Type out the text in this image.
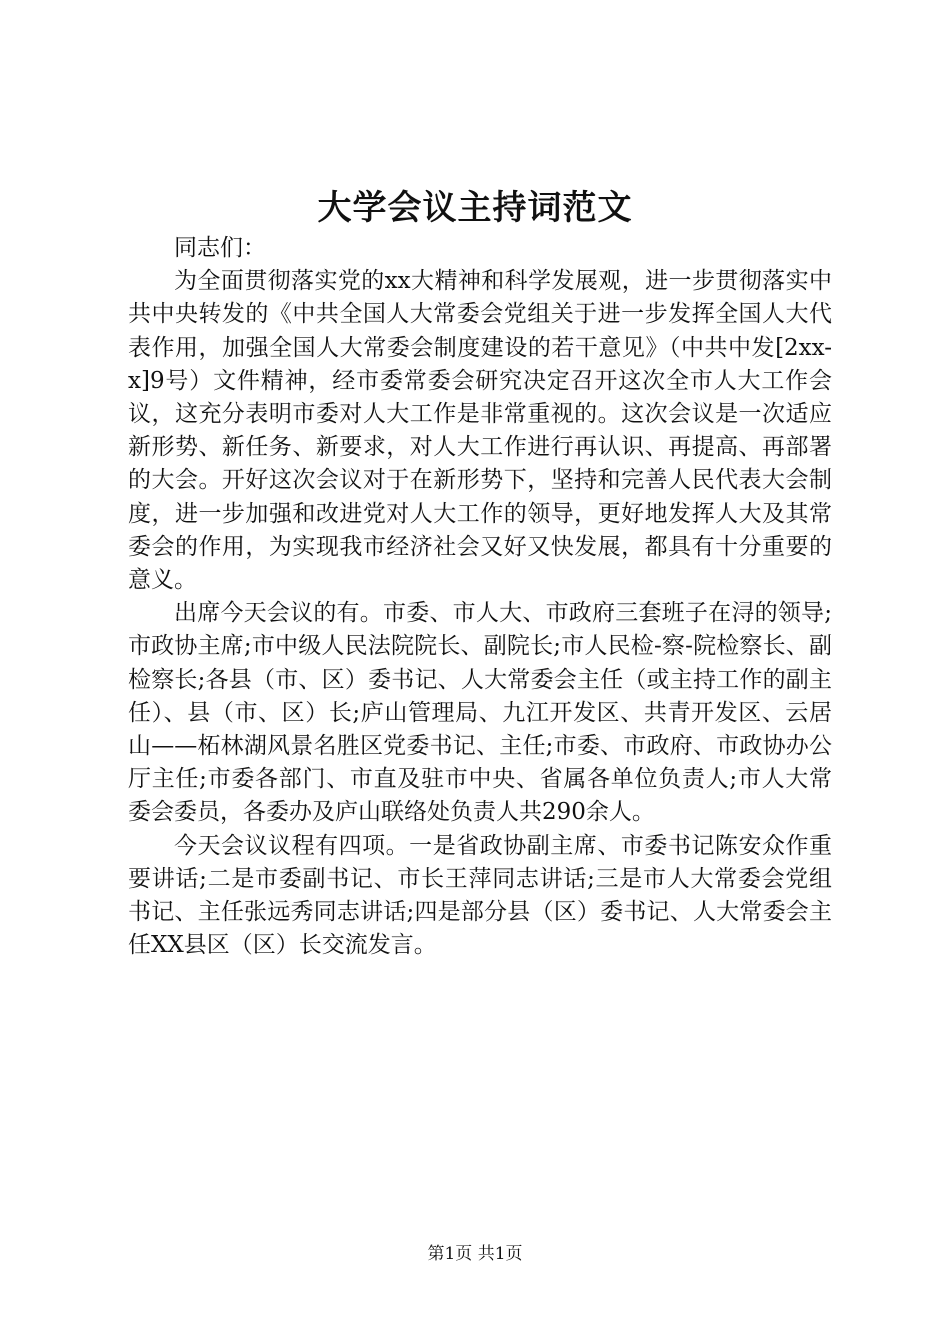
大学会议主持词范文

同志们：

为全面贯彻落实党的xx大精神和科学发展观，进一步贯彻落实中共中央转发的《中共全国人大常委会党组关于进一步发挥全国人大代表作用，加强全国人大常委会制度建设的若干意见》（中共中发[2xx-x]9号）文件精神，经市委常委会研究决定召开这次全市人大工作会议，这充分表明市委对人大工作是非常重视的。这次会议是一次适应新形势、新任务、新要求，对人大工作进行再认识、再提高、再部署的大会。开好这次会议对于在新形势下，坚持和完善人民代表大会制度，进一步加强和改进党对人大工作的领导，更好地发挥人大及其常委会的作用，为实现我市经济社会又好又快发展，都具有十分重要的意义。

出席今天会议的有。市委、市人大、市政府三套班子在浔的领导;市政协主席;市中级人民法院院长、副院长;市人民检-察-院检察长、副检察长;各县（市、区）委书记、人大常委会主任（或主持工作的副主任）、县（市、区）长;庐山管理局、九江开发区、共青开发区、云居山——柘林湖风景名胜区党委书记、主任;市委、市政府、市政协办公厅主任;市委各部门、市直及驻市中央、省属各单位负责人;市人大常委会委员，各委办及庐山联络处负责人共290余人。

今天会议议程有四项。一是省政协副主席、市委书记陈安众作重要讲话;二是市委副书记、市长王萍同志讲话;三是市人大常委会党组书记、主任张远秀同志讲话;四是部分县（区）委书记、人大常委会主任XX县区（区）长交流发言。

第1页 共1页
